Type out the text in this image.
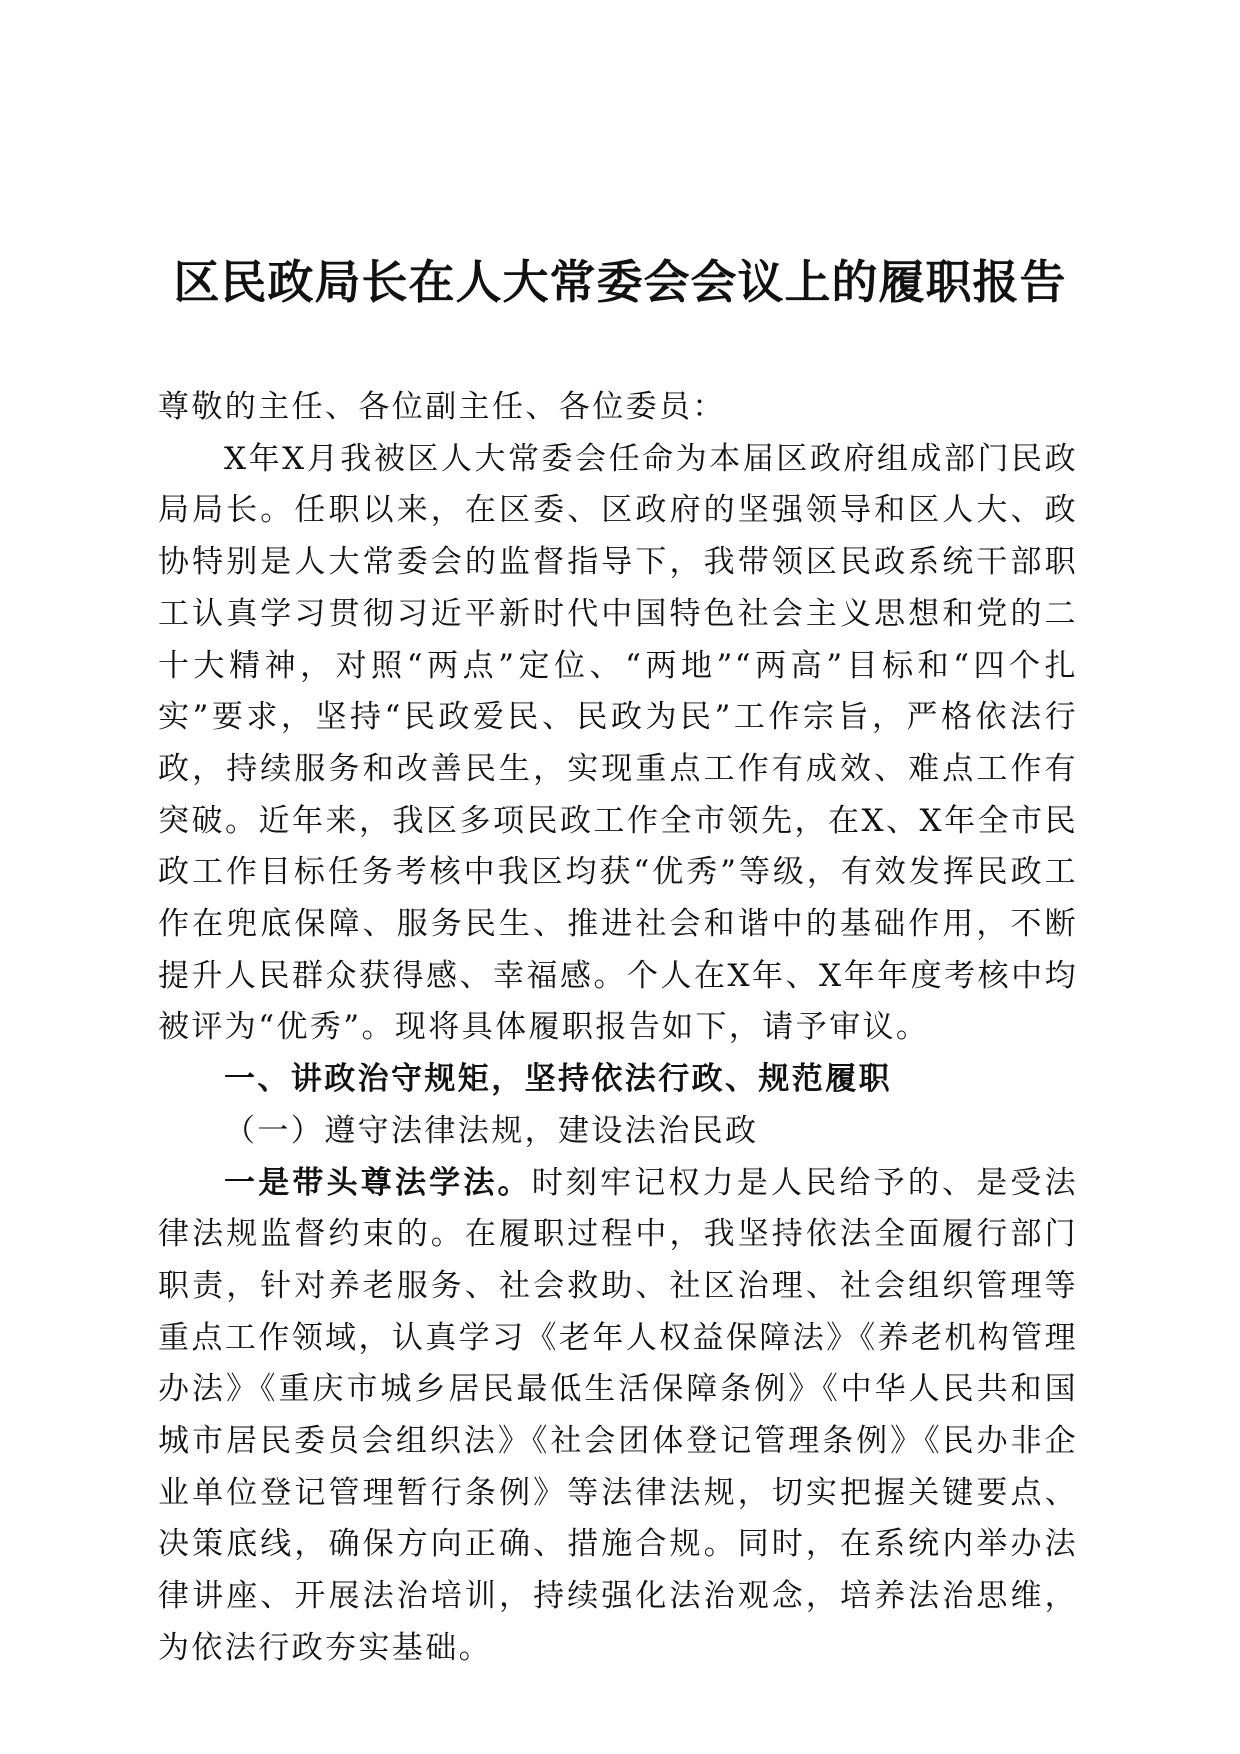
区民政局长在人大常委会会议上的履职报告

尊敬的主任、各位副主任、各位委员：

X年X月我被区人大常委会任命为本届区政府组成部门民政局局长。任职以来，在区委、区政府的坚强领导和区人大、政协特别是人大常委会的监督指导下，我带领区民政系统干部职工认真学习贯彻习近平新时代中国特色社会主义思想和党的二十大精神，对照“两点”定位、“两地”“两高”目标和“四个扎实”要求，坚持“民政爱民、民政为民”工作宗旨，严格依法行政，持续服务和改善民生，实现重点工作有成效、难点工作有突破。近年来，我区多项民政工作全市领先，在X、X年全市民政工作目标任务考核中我区均获“优秀”等级，有效发挥民政工作在兜底保障、服务民生、推进社会和谐中的基础作用，不断提升人民群众获得感、幸福感。个人在X年、X年年度考核中均被评为“优秀”。现将具体履职报告如下，请予审议。

一、讲政治守规矩，坚持依法行政、规范履职

（一）遵守法律法规，建设法治民政

一是带头尊法学法。时刻牢记权力是人民给予的、是受法律法规监督约束的。在履职过程中，我坚持依法全面履行部门职责，针对养老服务、社会救助、社区治理、社会组织管理等重点工作领域，认真学习《老年人权益保障法》《养老机构管理办法》《重庆市城乡居民最低生活保障条例》《中华人民共和国城市居民委员会组织法》《社会团体登记管理条例》《民办非企业单位登记管理暂行条例》等法律法规，切实把握关键要点、决策底线，确保方向正确、措施合规。同时，在系统内举办法律讲座、开展法治培训，持续强化法治观念，培养法治思维，为依法行政夯实基础。
